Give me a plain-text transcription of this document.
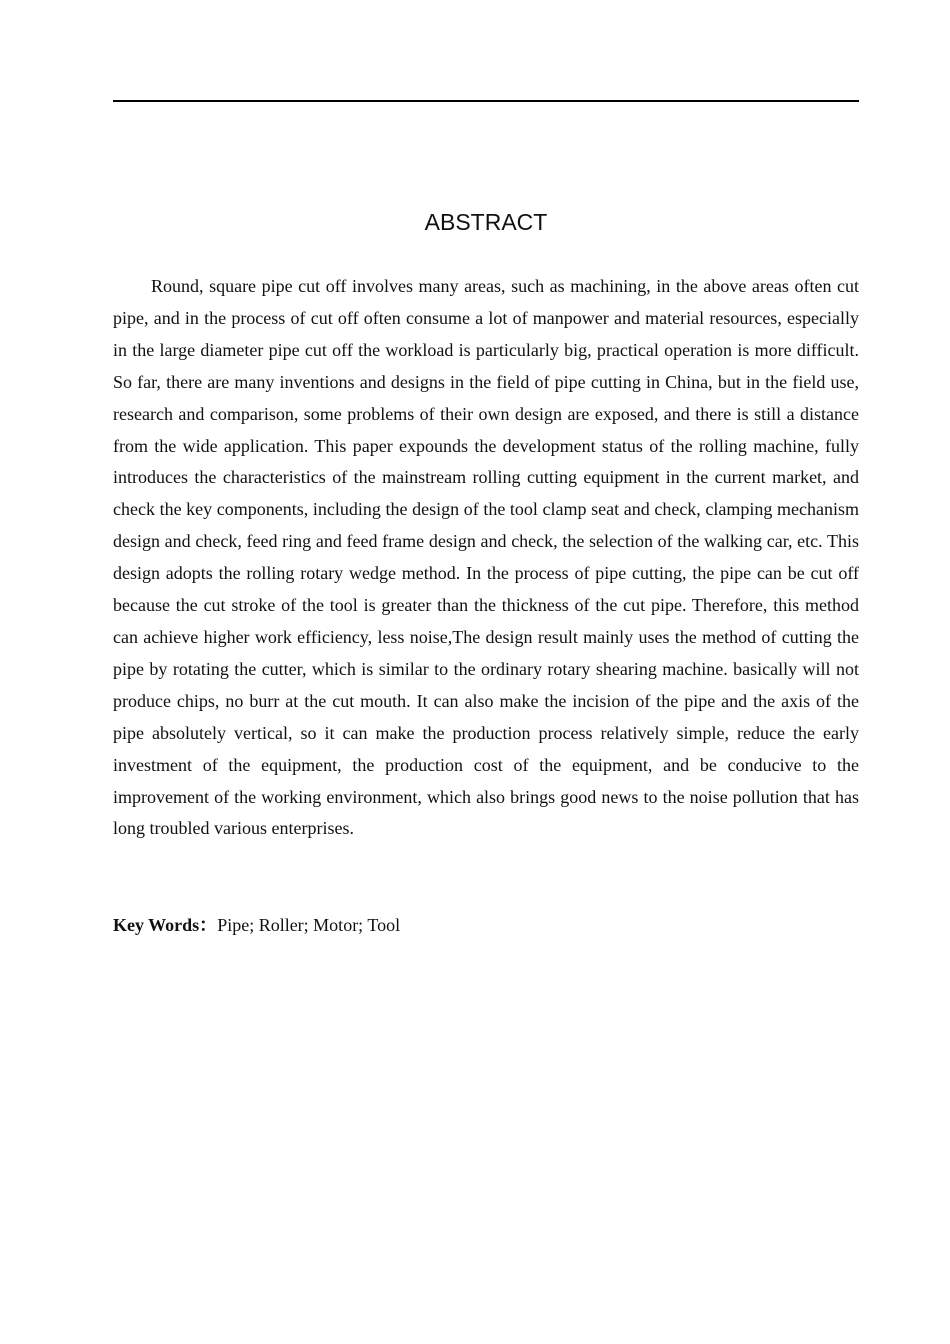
ABSTRACT

Round, square pipe cut off involves many areas, such as machining, in the above areas often cut pipe, and in the process of cut off often consume a lot of manpower and material resources, especially in the large diameter pipe cut off the workload is particularly big, practical operation is more difficult. So far, there are many inventions and designs in the field of pipe cutting in China, but in the field use, research and comparison, some problems of their own design are exposed, and there is still a distance from the wide application. This paper expounds the development status of the rolling machine, fully introduces the characteristics of the mainstream rolling cutting equipment in the current market, and check the key components, including the design of the tool clamp seat and check, clamping mechanism design and check, feed ring and feed frame design and check, the selection of the walking car, etc. This design adopts the rolling rotary wedge method. In the process of pipe cutting, the pipe can be cut off because the cut stroke of the tool is greater than the thickness of the cut pipe. Therefore, this method can achieve higher work efficiency, less noise,The design result mainly uses the method of cutting the pipe by rotating the cutter, which is similar to the ordinary rotary shearing machine. basically will not produce chips, no burr at the cut mouth. It can also make the incision of the pipe and the axis of the pipe absolutely vertical, so it can make the production process relatively simple, reduce the early investment of the equipment, the production cost of the equipment, and be conducive to the improvement of the working environment, which also brings good news to the noise pollution that has long troubled various enterprises.

Key Words：Pipe; Roller; Motor; Tool
